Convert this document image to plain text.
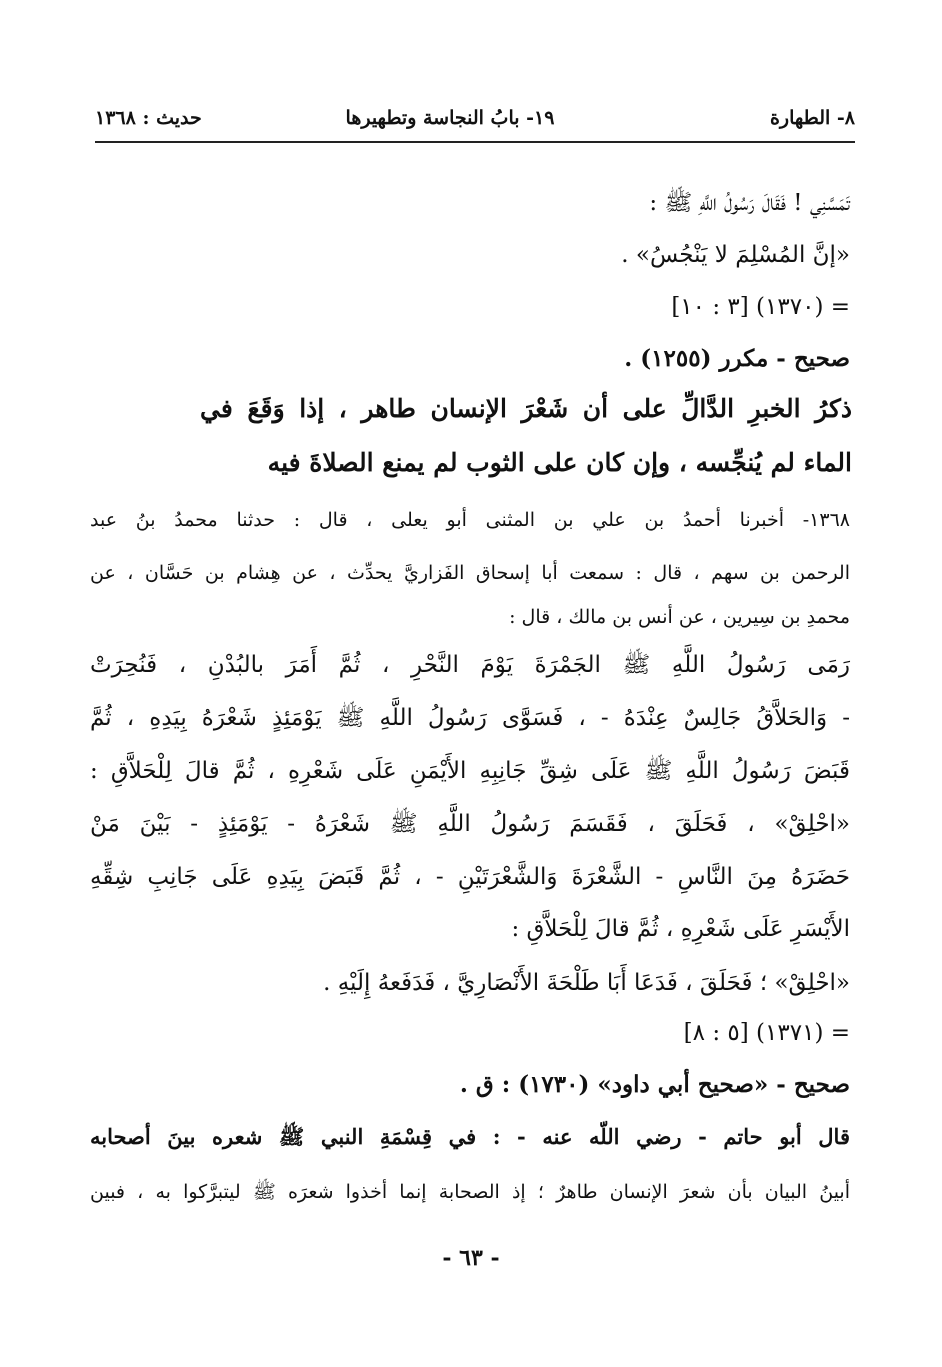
٨- الطهارة
١٩- بابُ النجاسة وتطهيرها
حديث : ١٣٦٨
تَمَسَّنِي ! فَقَالَ رَسُولُ اللَّهِ ﷺ :
«إنَّ المُسْلِمَ لا يَنْجُسُ» .
= (١٣٧٠) [٣ : ١٠]
صحيح - مكرر (١٢٥٥) .
ذكرُ الخبرِ الدَّالِّ على أن شَعْرَ الإنسان طاهر ، إذا وَقَعَ في
الماء لم يُنجِّسه ، وإن كان على الثوب لم يمنع الصلاةَ فيه
١٣٦٨- أخبرنا أحمدُ بن علي بن المثنى أبو يعلى ، قال : حدثنا محمدُ بنُ عبد
الرحمن بن سهم ، قال : سمعت أبا إسحاق الفَزاريَّ يحدِّث ، عن هِشام بن حَسَّان ، عن
محمدِ بن سِيرين ، عن أنس بن مالك ، قال :
رَمَى رَسُولُ اللَّهِ ﷺ الجَمْرَةَ يَوْمَ النَّحْرِ ، ثُمَّ أَمَرَ بالبُدْنِ ، فَنُحِرَتْ
- وَالحَلاَّقُ جَالِسٌ عِنْدَهُ - ، فَسَوَّى رَسُولُ اللَّهِ ﷺ يَوْمَئِذٍ شَعْرَهُ بِيَدِهِ ، ثُمَّ
قَبَضَ رَسُولُ اللَّهِ ﷺ عَلَى شِقِّ جَانِبِهِ الأَيْمَنِ عَلَى شَعْرِهِ ، ثُمَّ قالَ لِلْحَلاَّقِ :
«احْلِقْ» ، فَحَلَقَ ، فَقَسَمَ رَسُولُ اللَّهِ ﷺ شَعْرَهُ - يَوْمَئِذٍ - بَيْنَ مَنْ
حَضَرَهُ مِنَ النَّاسِ - الشَّعْرَةَ وَالشَّعْرَتَيْنِ - ، ثُمَّ قَبَضَ بِيَدِهِ عَلَى جَانِبِ شِقِّهِ
الأَيْسَرِ عَلَى شَعْرِهِ ، ثُمَّ قالَ لِلْحَلاَّقِ :
«احْلِقْ» ؛ فَحَلَقَ ، فَدَعَا أَبَا طَلْحَةَ الأَنْصَارِيَّ ، فَدَفَعهُ إِلَيْهِ .
= (١٣٧١) [٥ : ٨]
صحيح - «صحيح أبي داود» (١٧٣٠) : ق .
قال أبو حاتم - رضي اللّه عنه - : في قِسْمَةِ النبي ﷺ شعره بينَ أصحابه
أبينُ البيان بأن شعرَ الإنسان طاهرٌ ؛ إذ الصحابة إنما أخذوا شعرَه ﷺ ليتبرَّكوا به ، فبين
- ٦٣ -
